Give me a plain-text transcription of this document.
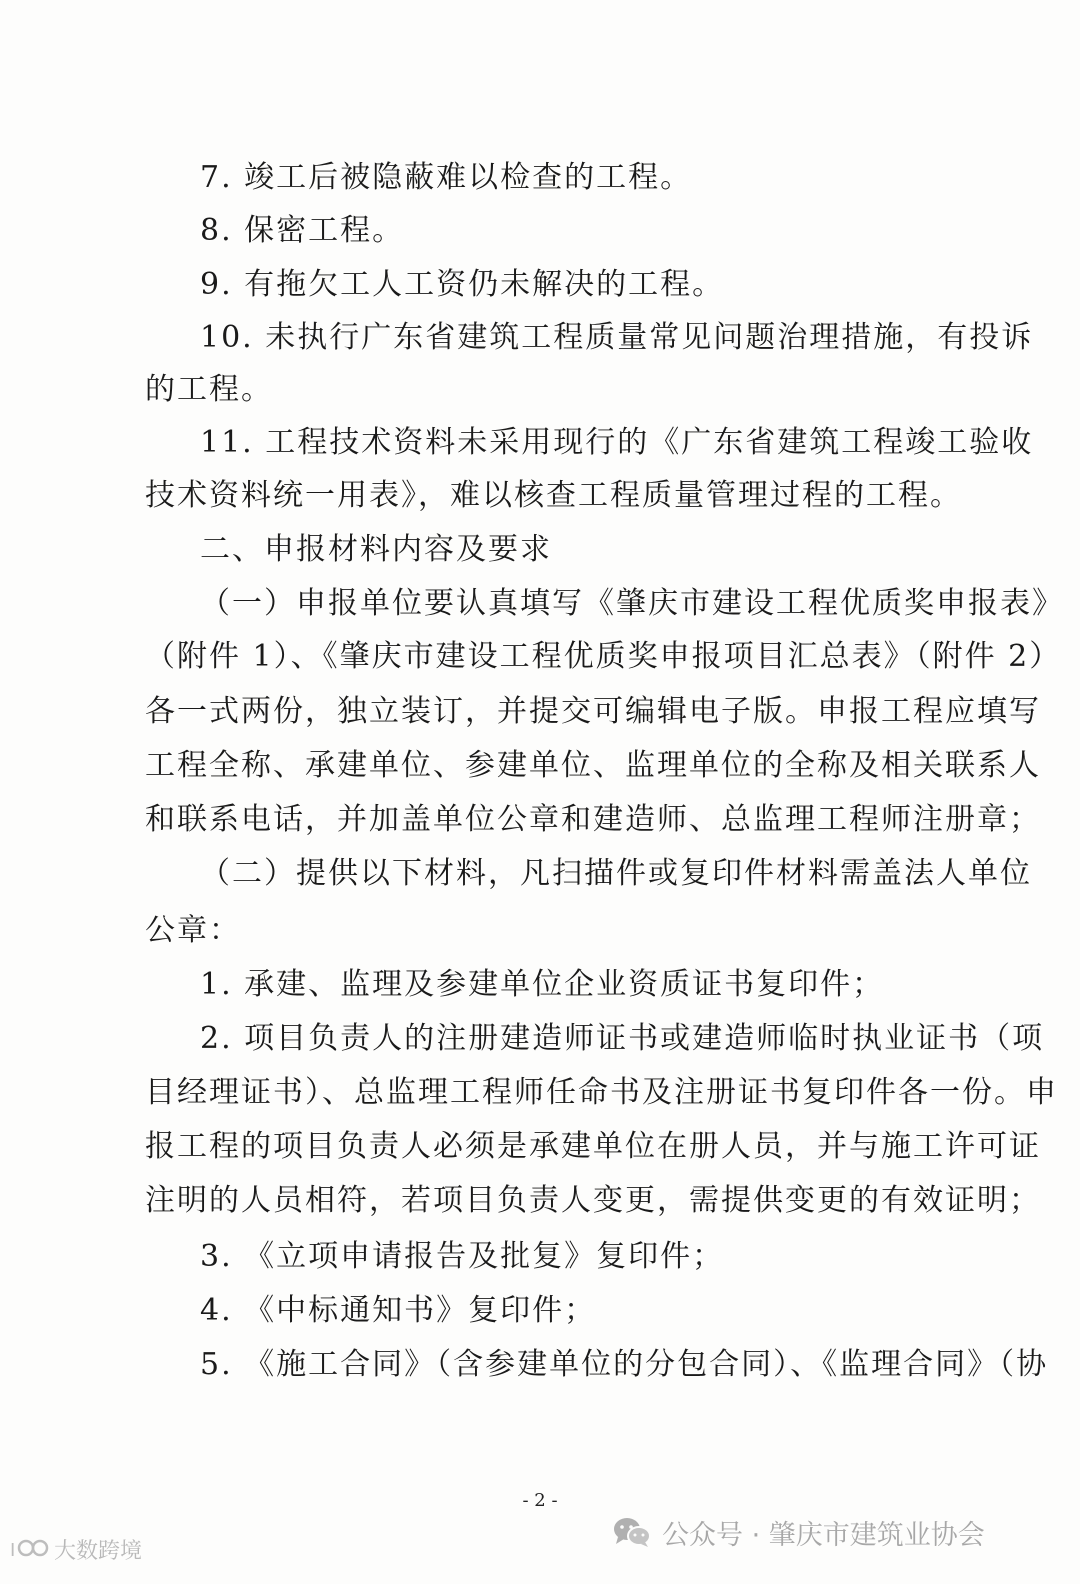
7. 竣工后被隐蔽难以检查的工程。
8. 保密工程。
9. 有拖欠工人工资仍未解决的工程。
10. 未执行广东省建筑工程质量常见问题治理措施，有投诉
的工程。
11. 工程技术资料未采用现行的《广东省建筑工程竣工验收
技术资料统一用表》，难以核查工程质量管理过程的工程。
二、申报材料内容及要求
（一）申报单位要认真填写《肇庆市建设工程优质奖申报表》
（附件 1）、《肇庆市建设工程优质奖申报项目汇总表》（附件 2）
各一式两份，独立装订，并提交可编辑电子版。申报工程应填写
工程全称、承建单位、参建单位、监理单位的全称及相关联系人
和联系电话，并加盖单位公章和建造师、总监理工程师注册章；
（二）提供以下材料，凡扫描件或复印件材料需盖法人单位
公章：
1. 承建、监理及参建单位企业资质证书复印件；
2. 项目负责人的注册建造师证书或建造师临时执业证书（项
目经理证书）、总监理工程师任命书及注册证书复印件各一份。申
报工程的项目负责人必须是承建单位在册人员，并与施工许可证
注明的人员相符，若项目负责人变更，需提供变更的有效证明；
3. 《立项申请报告及批复》复印件；
4. 《中标通知书》复印件；
5. 《施工合同》（含参建单位的分包合同）、《监理合同》（协
- 2 -
公众号 · 肇庆市建筑业协会
I 大数跨境
